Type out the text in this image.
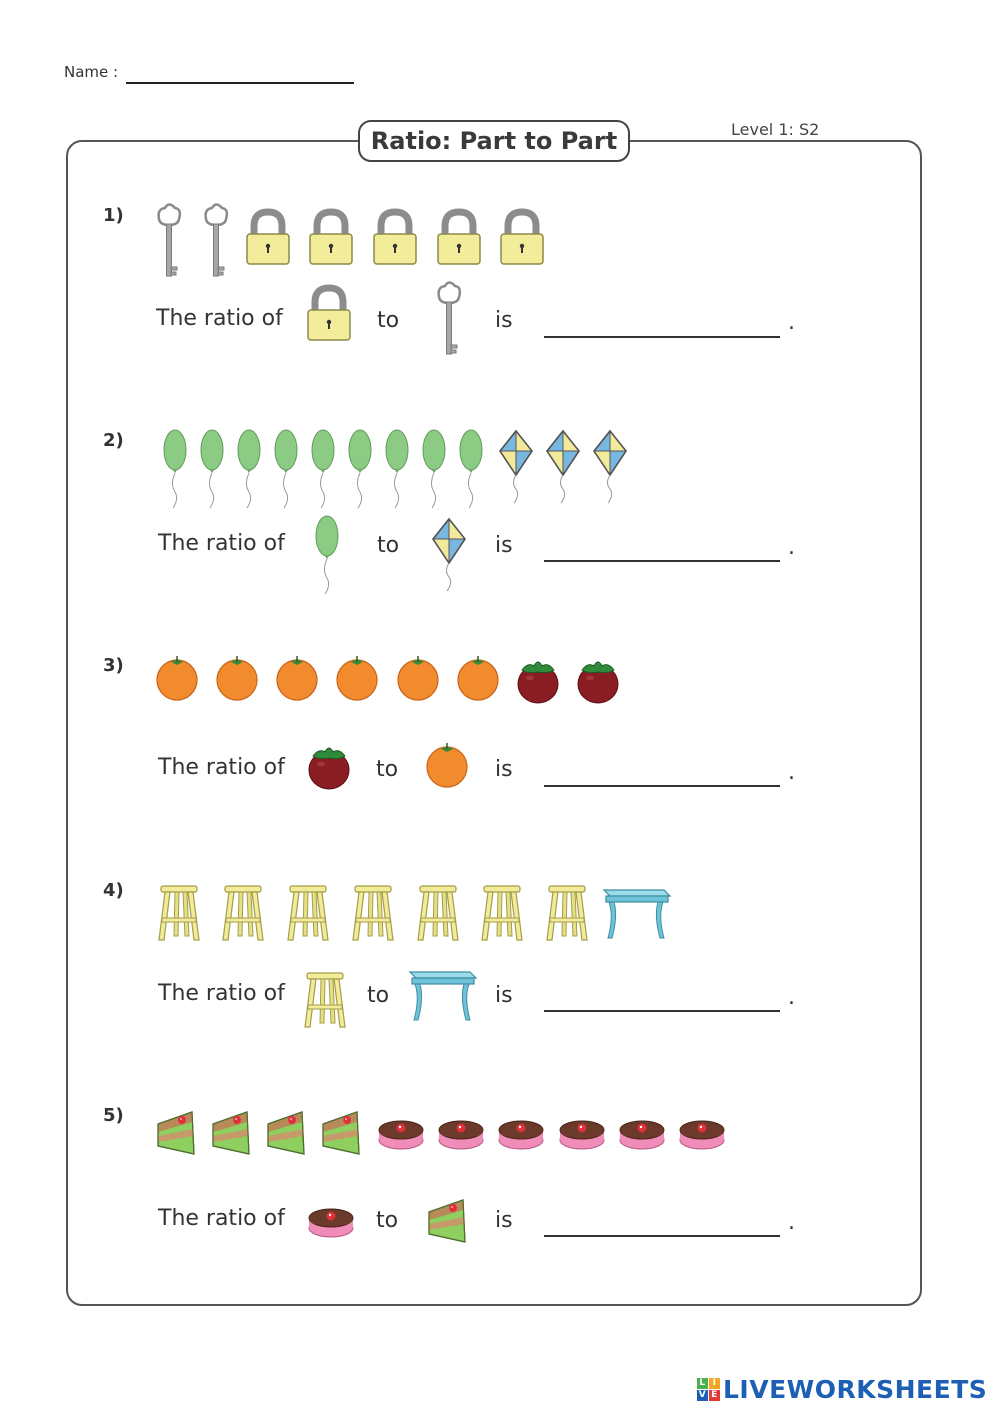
Name :
Ratio: Part to Part	Level 1: S2
1)
The ratio of	to	is	.
2)
The ratio of	to	is	.
3)
The ratio of	to	is	.
4)
The ratio of	to	is	.
5)
The ratio of	to	is	.
L I
V E LIVEWORKSHEETS
